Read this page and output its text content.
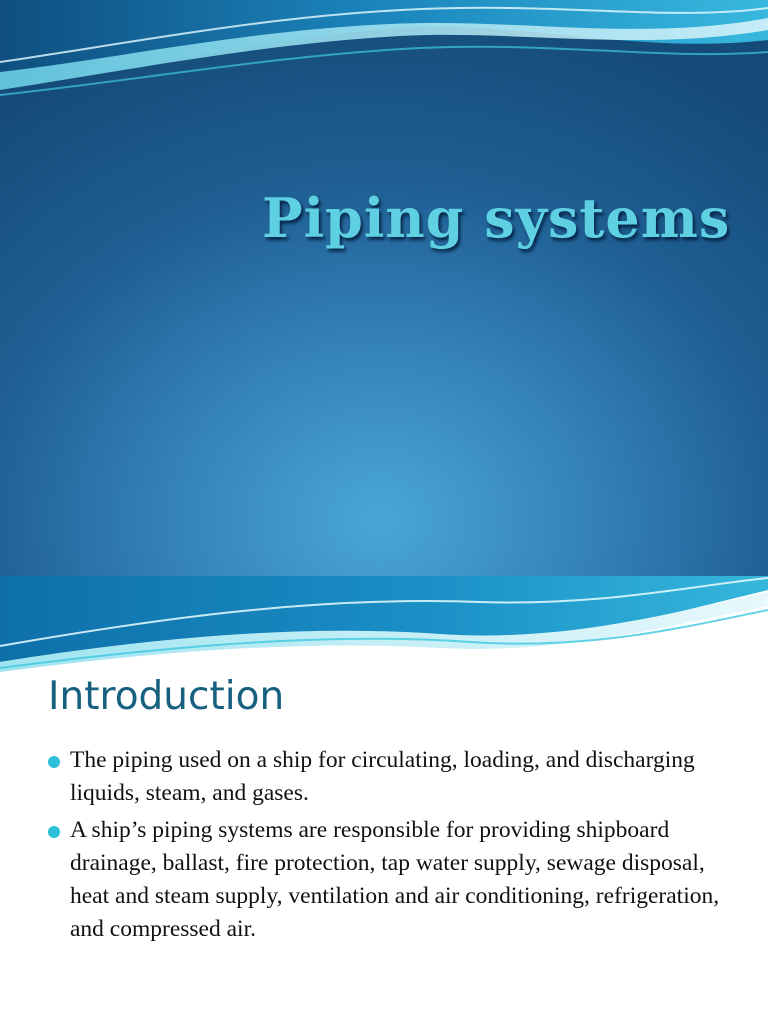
Piping systems
Introduction
The piping used on a ship for circulating, loading, and discharging liquids, steam, and gases.
A ship’s piping systems are responsible for providing shipboard drainage, ballast, fire protection, tap water supply, sewage disposal, heat and steam supply, ventilation and air conditioning, refrigeration, and compressed air.
